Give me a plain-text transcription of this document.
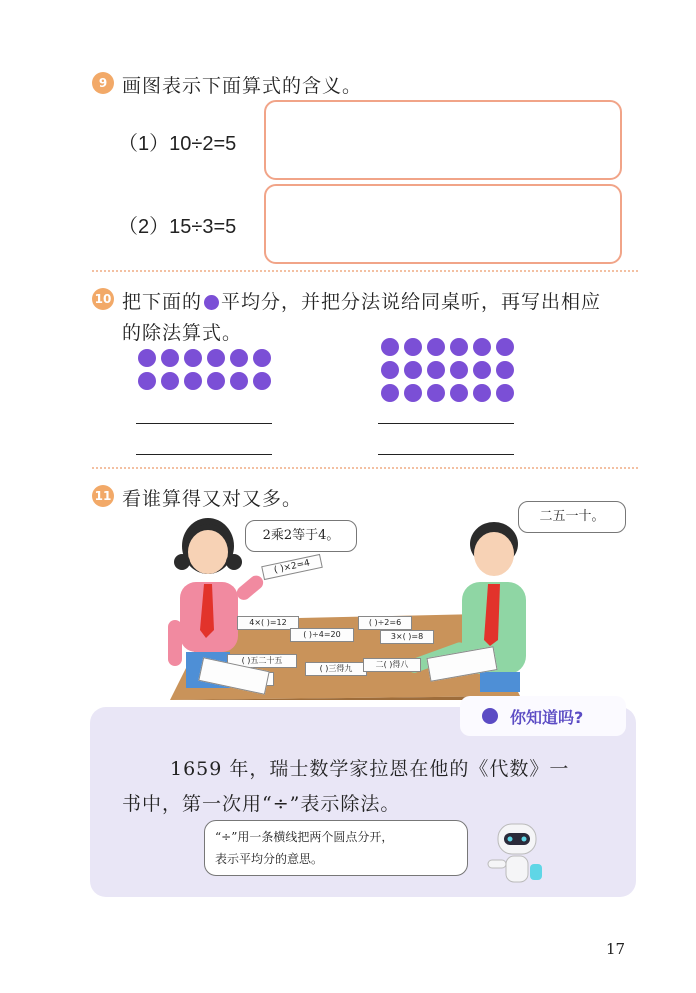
9 画图表示下面算式的含义。
（1）10÷2=5
（2）15÷3=5
10 把下面的 平均分，并把分法说给同桌听，再写出相应
的除法算式。
11 看谁算得又对又多。
4×( )=12
( )÷4=20
( )÷2=6
3×( )=8
( )五二十五
( )三得九	二( )得八
( )×2=4
2乘2等于4。
二五一十。
你知道吗?
1659 年，瑞士数学家拉恩在他的《代数》一
书中，第一次用“÷”表示除法。
“÷”用一条横线把两个圆点分开，
表示平均分的意思。
17
